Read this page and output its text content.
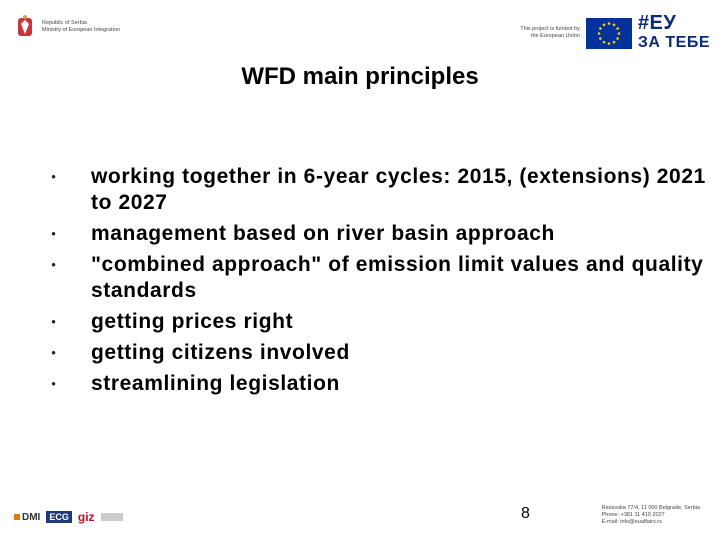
Republic of Serbia
Ministry of European Integration	This project is funded by
the European Union
#ЕУ
ЗА ТЕБЕ
WFD main principles
•	working together in 6-year cycles: 2015, (extensions) 2021 to 2027
•	management based on river basin approach
•	"combined approach" of emission limit values and quality standards
•	getting prices right
•	getting citizens involved
•	streamlining legislation
DMI	ECG giz	8	Resavska 77/4, 11 000 Belgrade, Serbia
Phone: +381 11 410 2027
E-mail: info@euaffairs.rs
